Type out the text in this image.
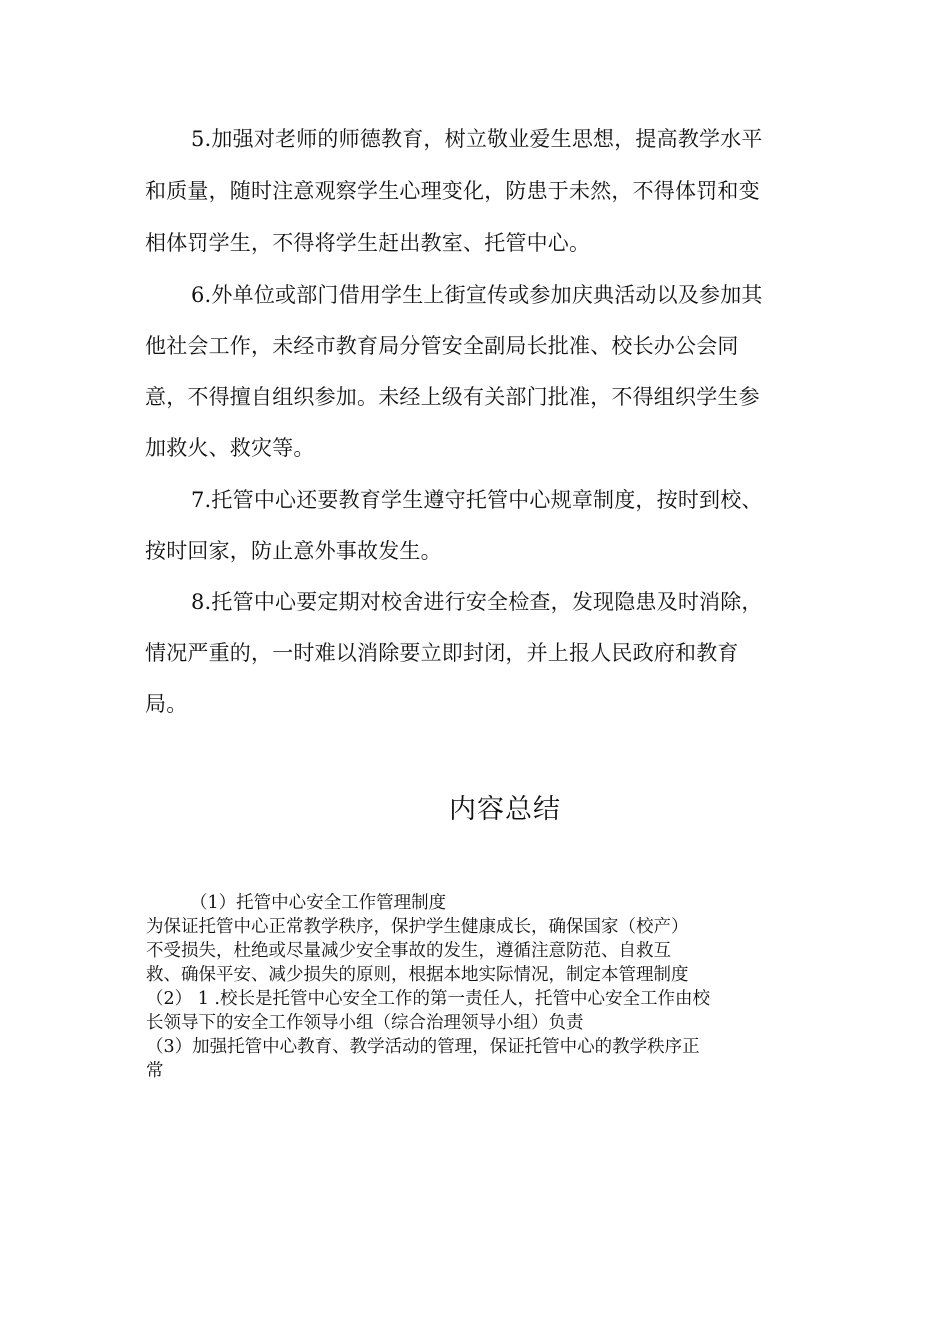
5.加强对老师的师德教育，树立敬业爱生思想，提高教学水平
和质量，随时注意观察学生心理变化，防患于未然，不得体罚和变
相体罚学生，不得将学生赶出教室、托管中心。
6.外单位或部门借用学生上街宣传或参加庆典活动以及参加其
他社会工作，未经市教育局分管安全副局长批准、校长办公会同
意，不得擅自组织参加。未经上级有关部门批准，不得组织学生参
加救火、救灾等。
7.托管中心还要教育学生遵守托管中心规章制度，按时到校、
按时回家，防止意外事故发生。
8.托管中心要定期对校舍进行安全检查，发现隐患及时消除，
情况严重的，一时难以消除要立即封闭，并上报人民政府和教育
局。
内容总结
（1）托管中心安全工作管理制度
为保证托管中心正常教学秩序，保护学生健康成长，确保国家（校产）
不受损失，杜绝或尽量减少安全事故的发生，遵循注意防范、自救互
救、确保平安、减少损失的原则，根据本地实际情况，制定本管理制度
（2） 1 .校长是托管中心安全工作的第一责任人，托管中心安全工作由校
长领导下的安全工作领导小组（综合治理领导小组）负责
（3）加强托管中心教育、教学活动的管理，保证托管中心的教学秩序正
常
